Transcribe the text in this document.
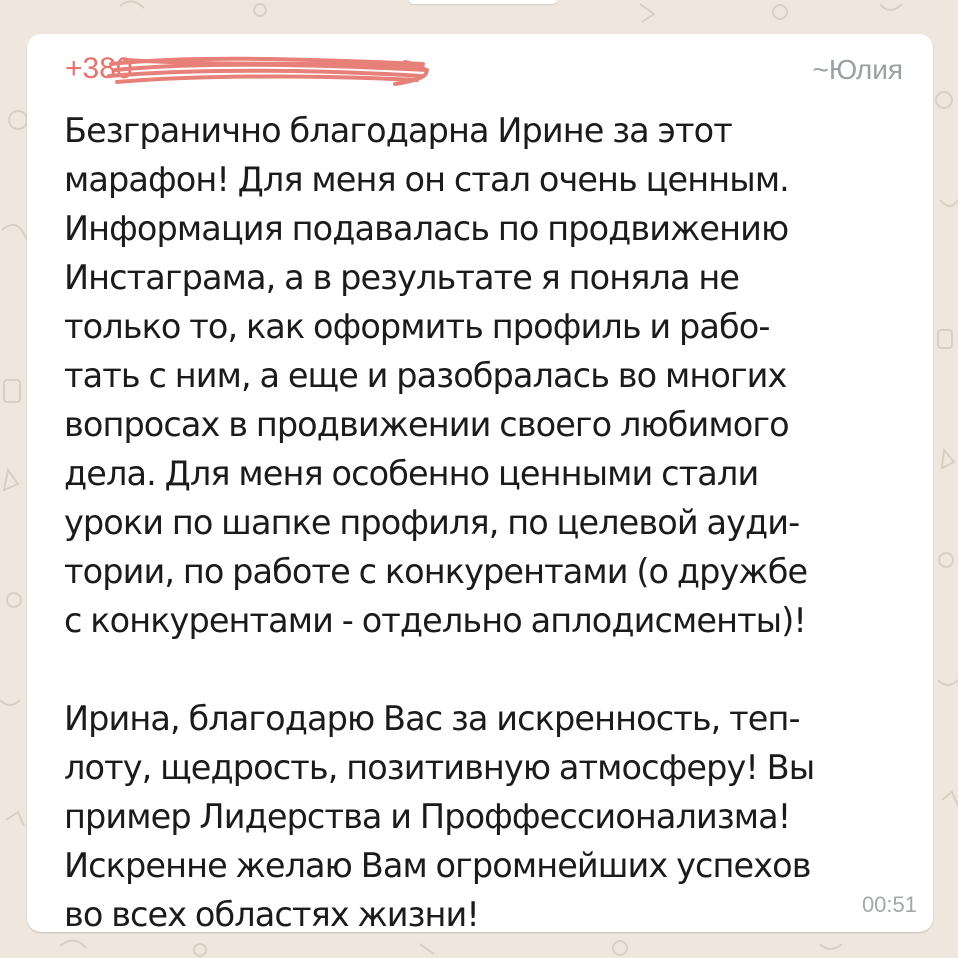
+380	~Юлия
Безгранично благодарна Ирине за этот
марафон! Для меня он стал очень ценным.
Информация подавалась по продвижению
Инстаграма, а в результате я поняла не
только то, как оформить профиль и рабо-
тать с ним, а еще и разобралась во многих
вопросах в продвижении своего любимого
дела. Для меня особенно ценными стали
уроки по шапке профиля, по целевой ауди-
тории, по работе с конкурентами (о дружбе
с конкурентами - отдельно аплодисменты)!
Ирина, благодарю Вас за искренность, теп-
лоту, щедрость, позитивную атмосферу! Вы
пример Лидерства и Проффессионализма!
Искренне желаю Вам огромнейших успехов
во всех областях жизни!	00:51
